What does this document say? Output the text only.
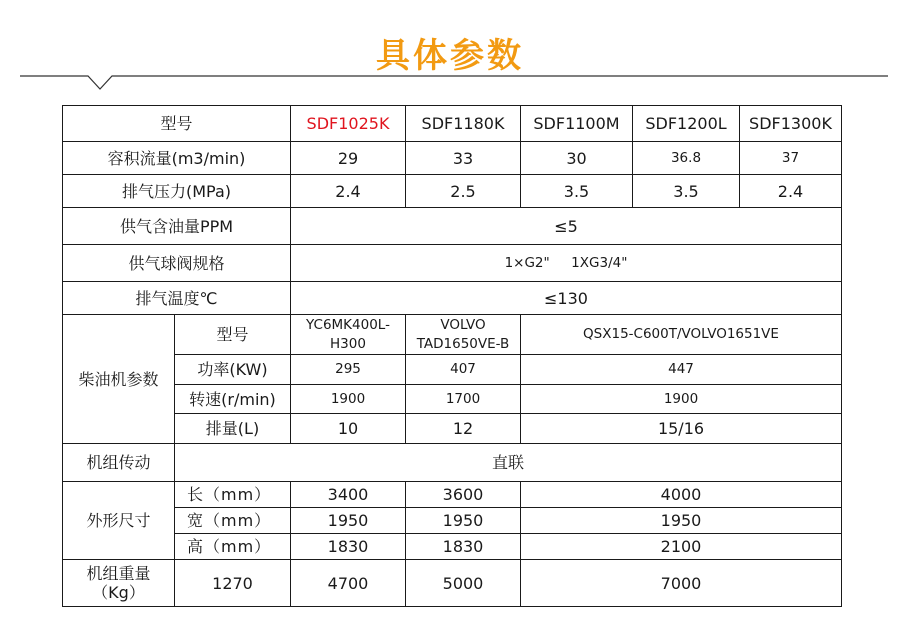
具体参数
型号		SDF1025K	SDF1180K	SDF1100M	SDF1200L	SDF1300K
容积流量(m3/min)		29	33	30	36.8	37
排气压力(MPa)		2.4	2.5	3.5	3.5	2.4
供气含油量PPM		≤5				
供气球阀规格		1×G2"     1XG3/4"				
排气温度℃		≤130				
柴油机参数	型号	YC6MK400L-H300	VOLVO TAD1650VE-B	QSX15-C600T/VOLVO1651VE		
	功率(KW)	295	407	447		
	转速(r/min)	1900	1700	1900		
	排量(L)	10	12	15/16		
机组传动	直联					
外形尺寸	长（mm）	3400	3600	4000		
	宽（mm）	1950	1950	1950		
	高（mm）	1830	1830	2100		
机组重量（Kg）	1270	4700	5000	7000		
